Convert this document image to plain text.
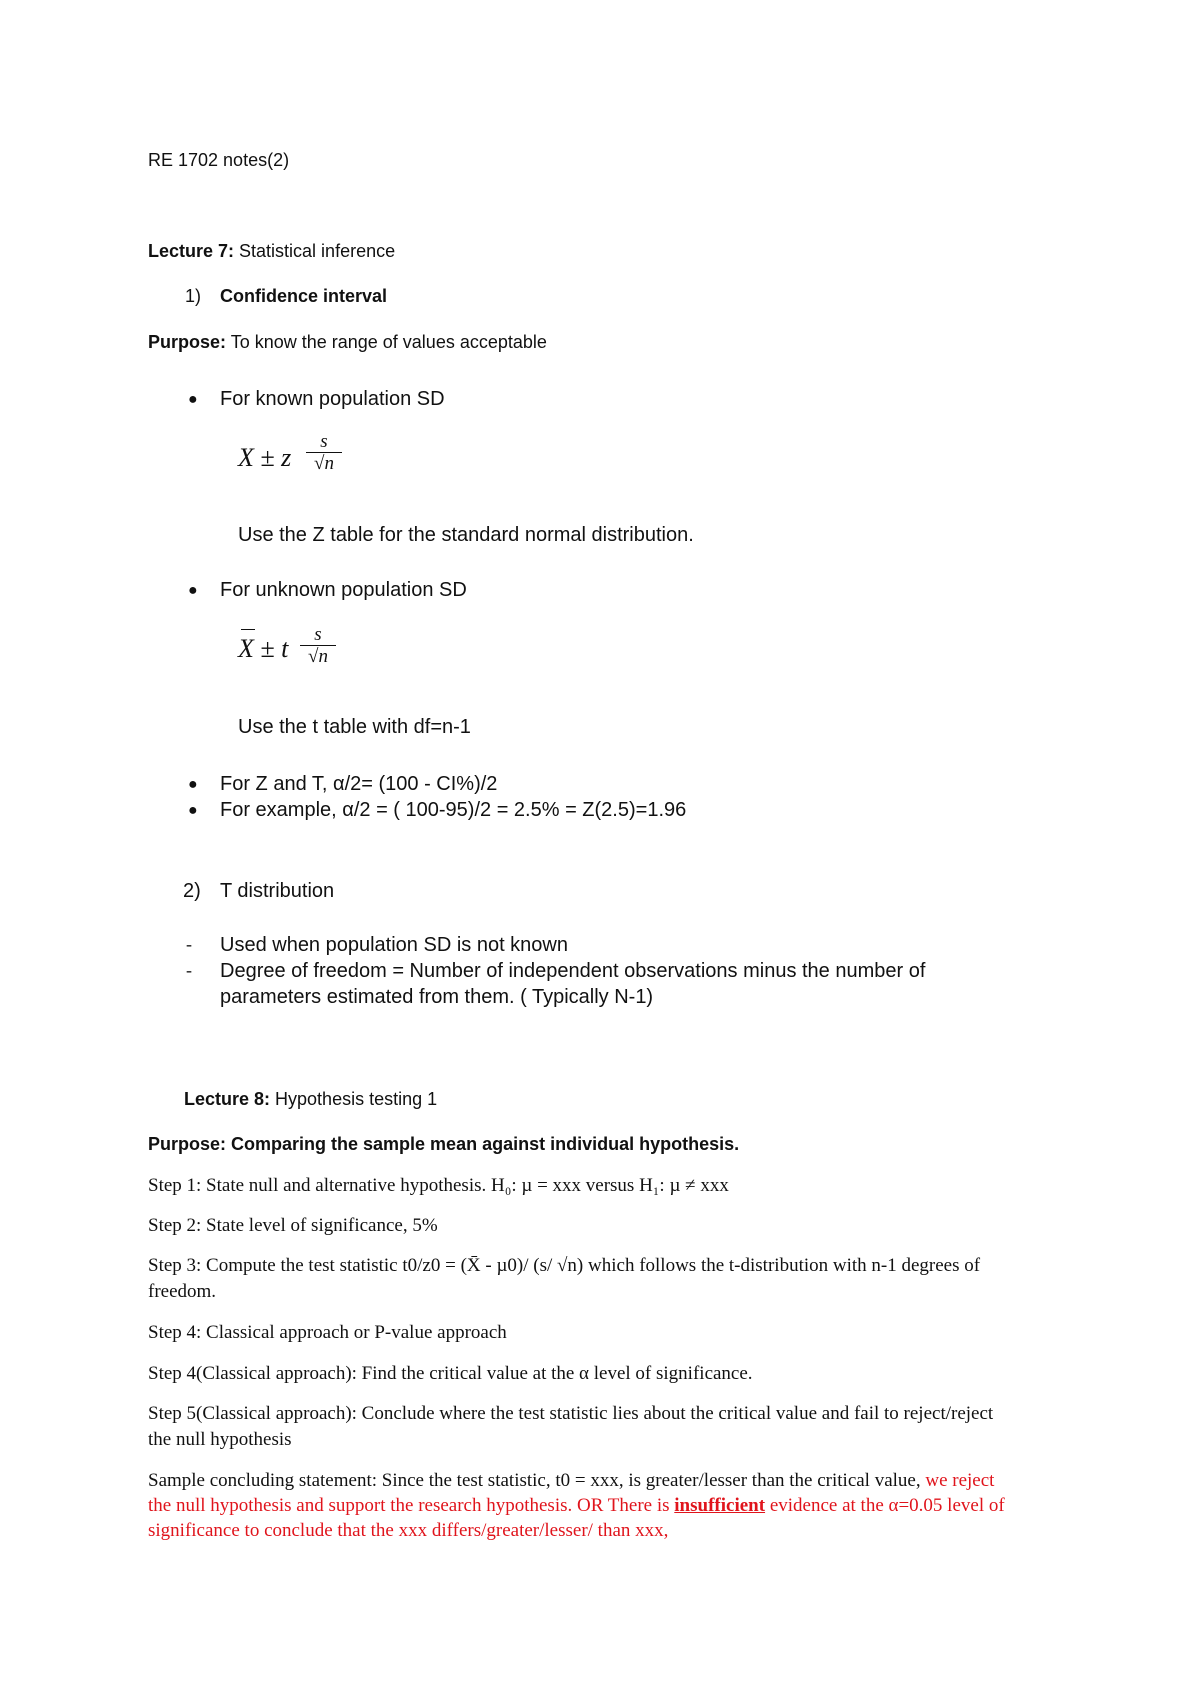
RE 1702 notes(2)
Lecture 7: Statistical inference
1) Confidence interval
Purpose: To know the range of values acceptable
● For known population SD
X ± z
s
√n
Use the Z table for the standard normal distribution.
● For unknown population SD
X ± t	s
√n
Use the t table with df=n-1
● For Z and T, α/2= (100 - CI%)/2
● For example, α/2 = ( 100-95)/2 = 2.5% = Z(2.5)=1.96
2) T distribution
- Used when population SD is not known
- Degree of freedom = Number of independent observations minus the number of
parameters estimated from them. ( Typically N-1)
Lecture 8: Hypothesis testing 1
Purpose: Comparing the sample mean against individual hypothesis.
Step 1: State null and alternative hypothesis. H₀: µ = xxx versus H₁: µ ≠ xxx
Step 2: State level of significance, 5%
Step 3: Compute the test statistic t0/z0 = (X̄ - µ0)/ (s/ √n) which follows the t-distribution with n-1 degrees of
freedom.
Step 4: Classical approach or P-value approach
Step 4(Classical approach): Find the critical value at the α level of significance.
Step 5(Classical approach): Conclude where the test statistic lies about the critical value and fail to reject/reject
the null hypothesis
Sample concluding statement: Since the test statistic, t0 = xxx, is greater/lesser than the critical value, we reject
the null hypothesis and support the research hypothesis. OR There is insufficient evidence at the α=0.05 level of
significance to conclude that the xxx differs/greater/lesser/ than xxx,
